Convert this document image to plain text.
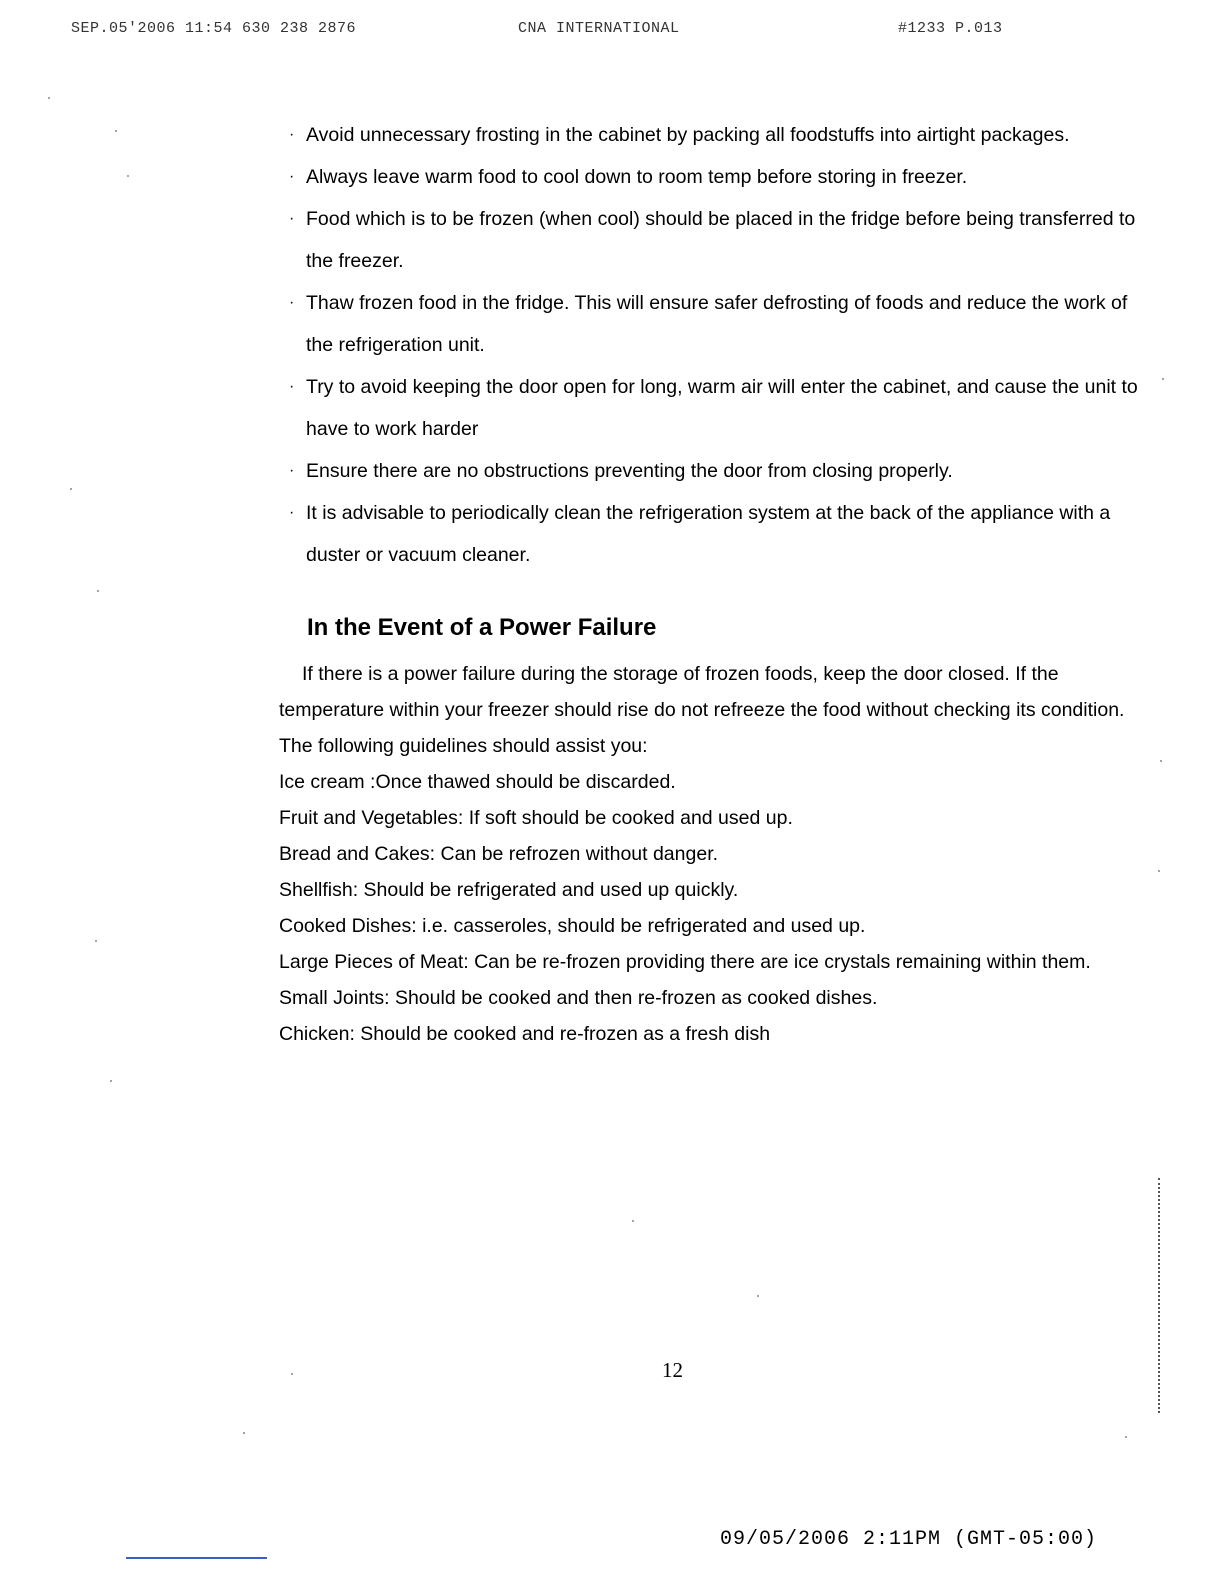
SEP.05'2006 11:54 630 238 2876	CNA INTERNATIONAL	#1233 P.013
· Avoid unnecessary frosting in the cabinet by packing all foodstuffs into airtight packages.
· Always leave warm food to cool down to room temp before storing in freezer.
· Food which is to be frozen (when cool) should be placed in the fridge before being transferred to the freezer.
· Thaw frozen food in the fridge. This will ensure safer defrosting of foods and reduce the work of the refrigeration unit.
· Try to avoid keeping the door open for long, warm air will enter the cabinet, and cause the unit to have to work harder
· Ensure there are no obstructions preventing the door from closing properly.
· It is advisable to periodically clean the refrigeration system at the back of the appliance with a duster or vacuum cleaner.
In the Event of a Power Failure

If there is a power failure during the storage of frozen foods, keep the door closed. If the temperature within your freezer should rise do not refreeze the food without checking its condition.

The following guidelines should assist you:

Ice cream :Once thawed should be discarded.

Fruit and Vegetables: If soft should be cooked and used up.

Bread and Cakes: Can be refrozen without danger.

Shellfish: Should be refrigerated and used up quickly.

Cooked Dishes: i.e. casseroles, should be refrigerated and used up.

Large Pieces of Meat: Can be re-frozen providing there are ice crystals remaining within them.

Small Joints: Should be cooked and then re-frozen as cooked dishes.

Chicken: Should be cooked and re-frozen as a fresh dish

12
09/05/2006 2:11PM (GMT-05:00)
